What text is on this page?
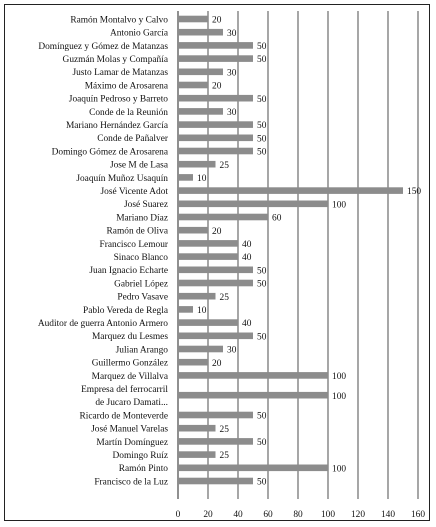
Ramón Montalvo y Calvo
Antonio García
Domínguez y Gómez de Matanzas
Guzmán Molas y Compañía
Justo Lamar de Matanzas
Máximo de Arosarena
Joaquín Pedroso y Barreto
Conde de la Reunión
Mariano Hernández García
Conde de Pañalver
Domingo Gómez de Arosarena
Jose M de Lasa
Joaquín Muñoz Usaquín
José Vicente Adot
José Suarez
Mariano Díaz
Ramón de Oliva
Francisco Lemour
Sinaco Blanco
Juan Ignacio Echarte
Gabriel López
Pedro Vasave
Pablo Vereda de Regla
Auditor de guerra Antonio Armero
Marquez du Lesmes
Julian Arango
Guillermo González
Marquez de Villalva
Empresa del ferrocarril de Jucaro Damati...
Ricardo de Monteverde
José Manuel Varelas
Martín Domínguez
Domingo Ruíz
Ramón Pinto
Francisco de la Luz
20
30
50
50
30
20
50
30
50
50
50
25
10
150
100
60
20
40
40
50
50
25
10
40
50
30
20
100
100
50
25
50
25
100
50
0 20 40 60 80 100 120 140 160
